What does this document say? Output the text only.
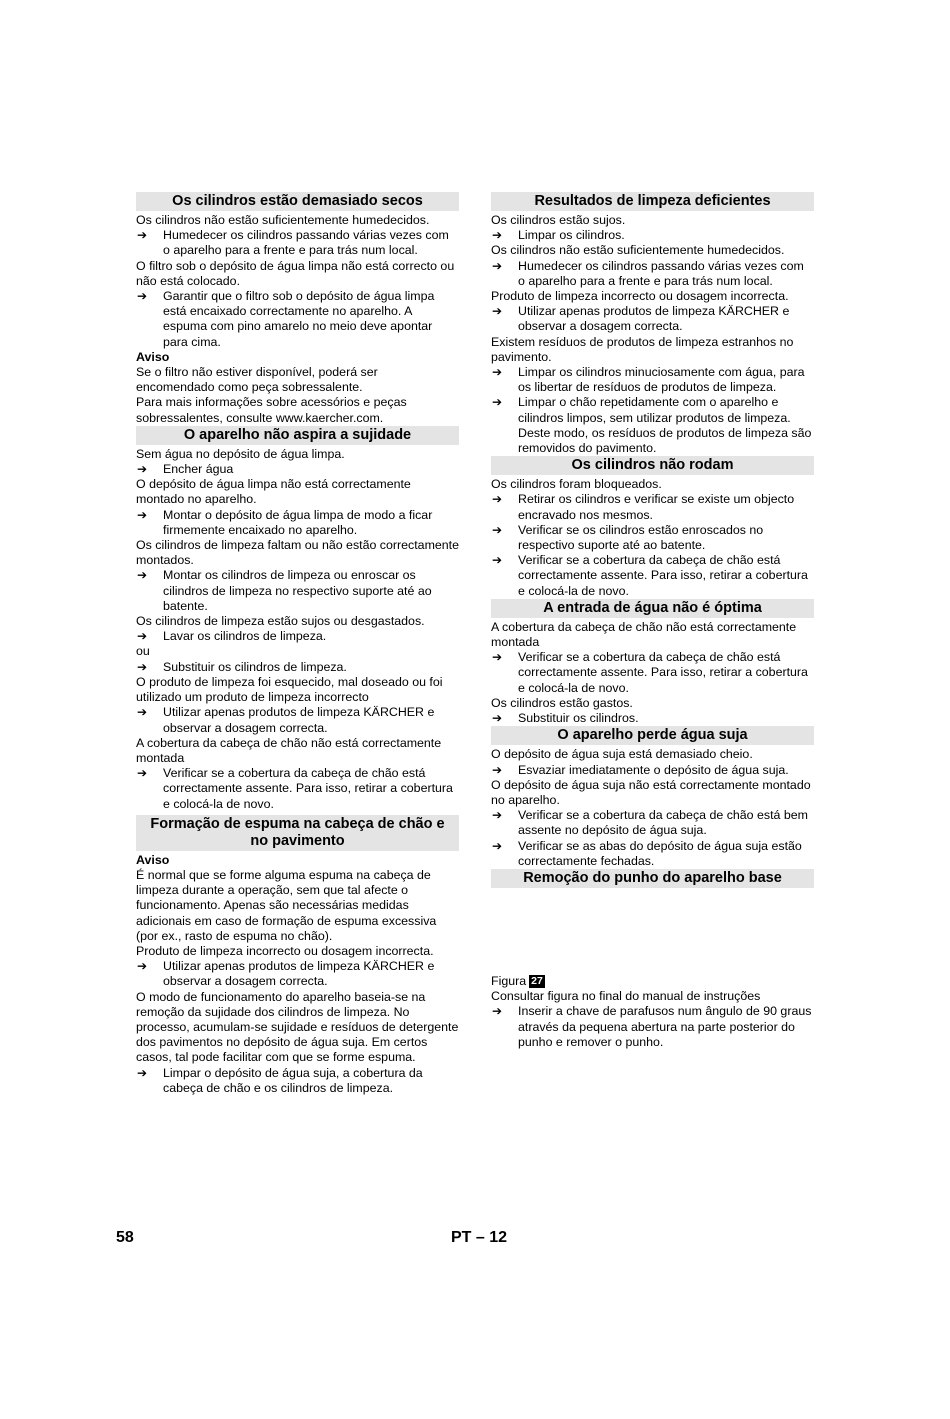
Os cilindros estão demasiado secos

Os cilindros não estão suficientemente humedecidos.

➔ Humedecer os cilindros passando várias vezes com o aparelho para a frente e para trás num local.

O filtro sob o depósito de água limpa não está correcto ou não está colocado.

➔ Garantir que o filtro sob o depósito de água limpa está encaixado correctamente no aparelho. A espuma com pino amarelo no meio deve apontar para cima.

Aviso

Se o filtro não estiver disponível, poderá ser encomendado como peça sobressalente.

Para mais informações sobre acessórios e peças sobressalentes, consulte www.kaercher.com.

O aparelho não aspira a sujidade

Sem água no depósito de água limpa.

➔ Encher água

O depósito de água limpa não está correctamente montado no aparelho.

➔ Montar o depósito de água limpa de modo a ficar firmemente encaixado no aparelho.

Os cilindros de limpeza faltam ou não estão correctamente montados.

➔ Montar os cilindros de limpeza ou enroscar os cilindros de limpeza no respectivo suporte até ao batente.

Os cilindros de limpeza estão sujos ou desgastados.

➔ Lavar os cilindros de limpeza.

ou

➔ Substituir os cilindros de limpeza.

O produto de limpeza foi esquecido, mal doseado ou foi utilizado um produto de limpeza incorrecto

➔ Utilizar apenas produtos de limpeza KÄRCHER e observar a dosagem correcta.

A cobertura da cabeça de chão não está correctamente montada

➔ Verificar se a cobertura da cabeça de chão está correctamente assente. Para isso, retirar a cobertura e colocá-la de novo.
Formação de espuma na cabeça de chão e no pavimento

Aviso

É normal que se forme alguma espuma na cabeça de limpeza durante a operação, sem que tal afecte o funcionamento. Apenas são necessárias medidas adicionais em caso de formação de espuma excessiva (por ex., rasto de espuma no chão).

Produto de limpeza incorrecto ou dosagem incorrecta.

➔ Utilizar apenas produtos de limpeza KÄRCHER e observar a dosagem correcta.

O modo de funcionamento do aparelho baseia-se na remoção da sujidade dos cilindros de limpeza. No processo, acumulam-se sujidade e resíduos de detergente dos pavimentos no depósito de água suja. Em certos casos, tal pode facilitar com que se forme espuma.

➔ Limpar o depósito de água suja, a cobertura da cabeça de chão e os cilindros de limpeza.
Resultados de limpeza deficientes

Os cilindros estão sujos.

➔ Limpar os cilindros.

Os cilindros não estão suficientemente humedecidos.

➔ Humedecer os cilindros passando várias vezes com o aparelho para a frente e para trás num local.

Produto de limpeza incorrecto ou dosagem incorrecta.

➔ Utilizar apenas produtos de limpeza KÄRCHER e observar a dosagem correcta.

Existem resíduos de produtos de limpeza estranhos no pavimento.

➔ Limpar os cilindros minuciosamente com água, para os libertar de resíduos de produtos de limpeza.
➔ Limpar o chão repetidamente com o aparelho e cilindros limpos, sem utilizar produtos de limpeza. Deste modo, os resíduos de produtos de limpeza são removidos do pavimento.
Os cilindros não rodam

Os cilindros foram bloqueados.

➔ Retirar os cilindros e verificar se existe um objecto encravado nos mesmos.
➔ Verificar se os cilindros estão enroscados no respectivo suporte até ao batente.
➔ Verificar se a cobertura da cabeça de chão está correctamente assente. Para isso, retirar a cobertura e colocá-la de novo.
A entrada de água não é óptima

A cobertura da cabeça de chão não está correctamente montada

➔ Verificar se a cobertura da cabeça de chão está correctamente assente. Para isso, retirar a cobertura e colocá-la de novo.

Os cilindros estão gastos.

➔ Substituir os cilindros.
O aparelho perde água suja

O depósito de água suja está demasiado cheio.

➔ Esvaziar imediatamente o depósito de água suja.

O depósito de água suja não está correctamente montado no aparelho.

➔ Verificar se a cobertura da cabeça de chão está bem assente no depósito de água suja.
➔ Verificar se as abas do depósito de água suja estão correctamente fechadas.
Remoção do punho do aparelho base

Figura 27

Consultar figura no final do manual de instruções

➔ Inserir a chave de parafusos num ângulo de 90 graus através da pequena abertura na parte posterior do punho e remover o punho.
58	PT – 12
